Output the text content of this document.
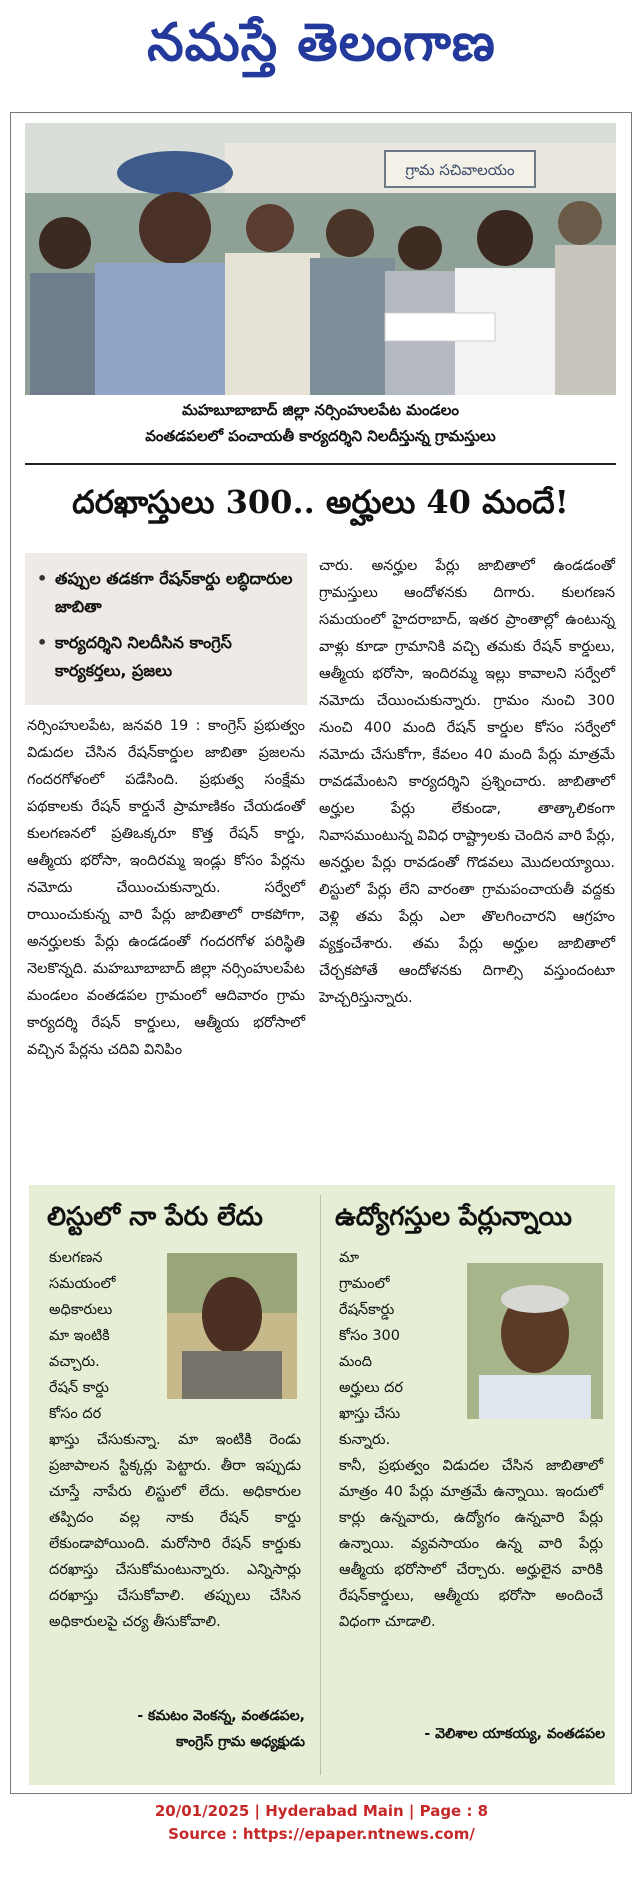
నమస్తే తెలంగాణ
గ్రామ సచివాలయం
మహబూబాబాద్ జిల్లా నర్సింహులపేట మండలం
వంతడపలలో పంచాయతీ కార్యదర్శిని నిలదీస్తున్న గ్రామస్తులు
దరఖాస్తులు 300.. అర్హులు 40 మందే!
• తప్పుల తడకగా రేషన్‌కార్డు లబ్ధిదారుల జాబితా
• కార్యదర్శిని నిలదీసిన కాంగ్రెస్ కార్యకర్తలు, ప్రజలు
నర్సింహులపేట, జనవరి 19 : కాంగ్రెస్ ప్రభుత్వం విడుదల చేసిన రేషన్‌కార్డుల జాబితా ప్రజలను గందరగోళంలో పడేసింది. ప్రభుత్వ సంక్షేమ పథకాలకు రేషన్ కార్డునే ప్రామాణికం చేయడంతో కులగణనలో ప్రతిఒక్కరూ కొత్త రేషన్ కార్డు, ఆత్మీయ భరోసా, ఇందిరమ్మ ఇండ్లు కోసం పేర్లను నమోదు చేయించుకున్నారు. సర్వేలో రాయించుకున్న వారి పేర్లు జాబితాలో రాకపోగా, అనర్హులకు పేర్లు ఉండడంతో గందరగోళ పరిస్థితి నెలకొన్నది. మహబూబాబాద్ జిల్లా నర్సింహులపేట మండలం వంతడపల గ్రామంలో ఆదివారం గ్రామ కార్యదర్శి రేషన్ కార్డులు, ఆత్మీయ భరోసాలో వచ్చిన పేర్లను చదివి వినిపిం
చారు. అనర్హుల పేర్లు జాబితాలో ఉండడంతో గ్రామస్తులు ఆందోళనకు దిగారు. కులగణన సమయంలో హైదరాబాద్, ఇతర ప్రాంతాల్లో ఉంటున్న వాళ్లు కూడా గ్రామానికి వచ్చి తమకు రేషన్ కార్డులు, ఆత్మీయ భరోసా, ఇందిరమ్మ ఇల్లు కావాలని సర్వేలో నమోదు చేయించుకున్నారు. గ్రామం నుంచి 300 నుంచి 400 మంది రేషన్ కార్డుల కోసం సర్వేలో నమోదు చేసుకోగా, కేవలం 40 మంది పేర్లు మాత్రమే రావడమేంటని కార్యదర్శిని ప్రశ్నించారు. జాబితాలో అర్హుల పేర్లు లేకుండా, తాత్కాలికంగా నివాసముంటున్న వివిధ రాష్ట్రాలకు చెందిన వారి పేర్లు, అనర్హుల పేర్లు రావడంతో గొడవలు మొదలయ్యాయి. లిస్టులో పేర్లు లేని వారంతా గ్రామపంచాయతీ వద్దకు వెళ్లి తమ పేర్లు ఎలా తొలగించారని ఆగ్రహం వ్యక్తంచేశారు. తమ పేర్లు అర్హుల జాబితాలో చేర్చకపోతే ఆందోళనకు దిగాల్సి వస్తుందంటూ హెచ్చరిస్తున్నారు.
లిస్టులో నా పేరు లేదు
కులగణన
సమయంలో
అధికారులు
మా ఇంటికి
వచ్చారు.
రేషన్ కార్డు
కోసం దర
ఖాస్తు చేసుకున్నా. మా ఇంటికి రెండు ప్రజాపాలన స్టిక్కర్లు పెట్టారు. తీరా ఇప్పుడు చూస్తే నాపేరు లిస్టులో లేదు. అధికారుల తప్పిదం వల్ల నాకు రేషన్ కార్డు లేకుండాపోయింది. మరోసారి రేషన్ కార్డుకు దరఖాస్తు చేసుకోమంటున్నారు. ఎన్నిసార్లు దరఖాస్తు చేసుకోవాలి. తప్పులు చేసిన అధికారులపై చర్య తీసుకోవాలి.
- కమటం వెంకన్న, వంతడపల,
కాంగ్రెస్ గ్రామ అధ్యక్షుడు
ఉద్యోగస్తుల పేర్లున్నాయి
మా
గ్రామంలో
రేషన్‌కార్డు
కోసం 300
మంది
అర్హులు దర
ఖాస్తు చేసు
కున్నారు.
కానీ, ప్రభుత్వం విడుదల చేసిన జాబితాలో మాత్రం 40 పేర్లు మాత్రమే ఉన్నాయి. ఇందులో కార్లు ఉన్నవారు, ఉద్యోగం ఉన్నవారి పేర్లు ఉన్నాయి. వ్యవసాయం ఉన్న వారి పేర్లు ఆత్మీయ భరోసాలో చేర్చారు. అర్హులైన వారికి రేషన్‌కార్డులు, ఆత్మీయ భరోసా అందించే విధంగా చూడాలి.
- వెలిశాల యాకయ్య, వంతడపల
20/01/2025 | Hyderabad Main | Page : 8
Source : https://epaper.ntnews.com/
